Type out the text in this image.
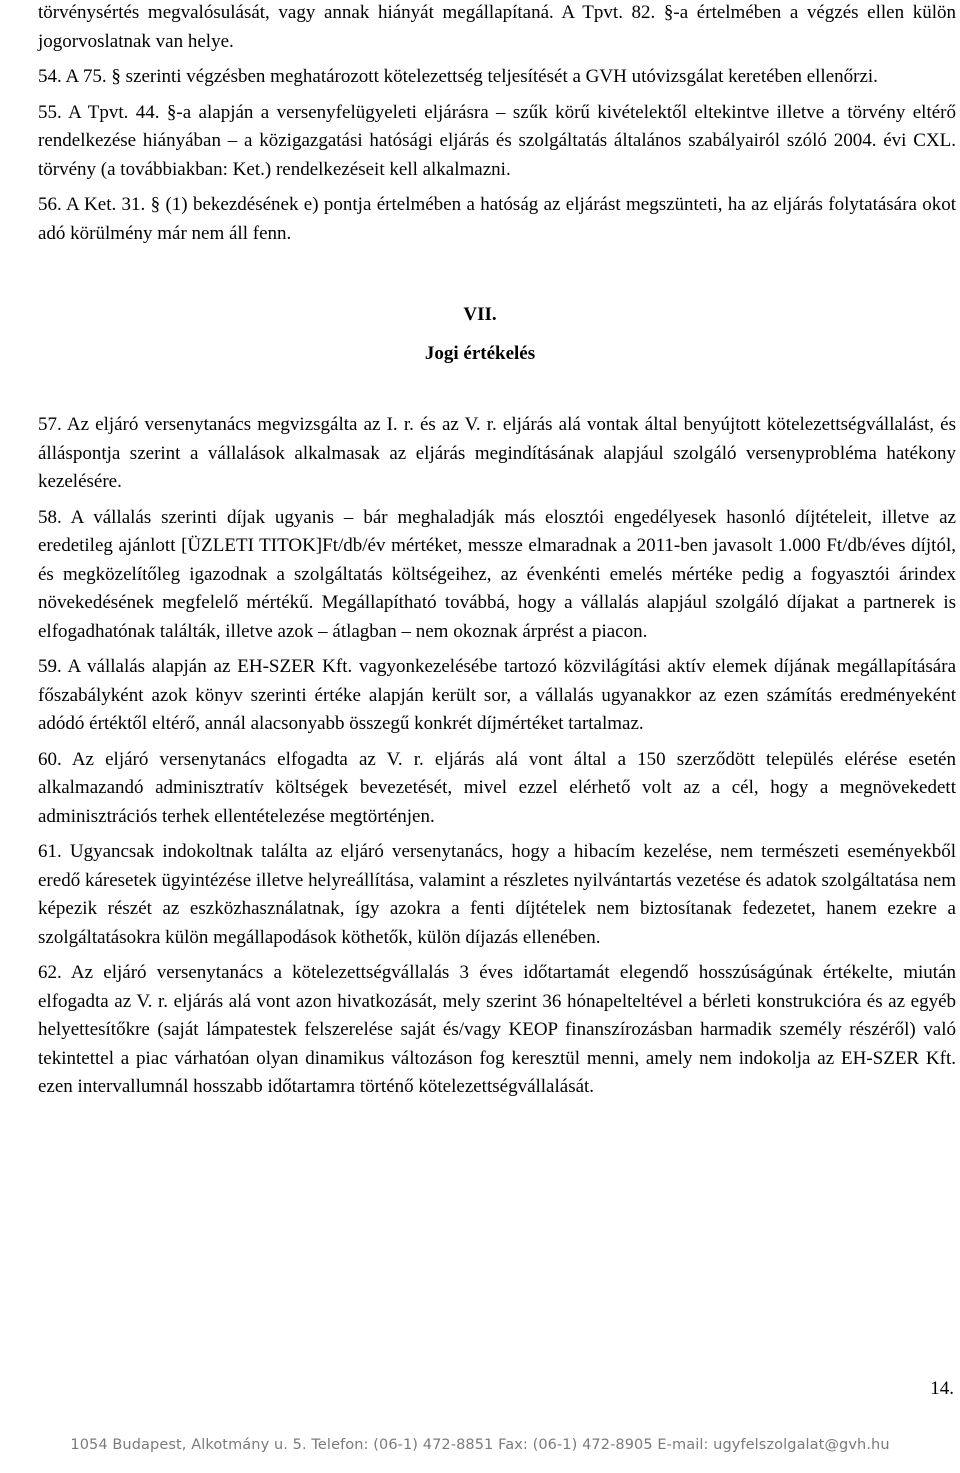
törvénysértés megvalósulását, vagy annak hiányát megállapítaná. A Tpvt. 82. §-a értelmében a végzés ellen külön jogorvoslatnak van helye.

54. A 75. § szerinti végzésben meghatározott kötelezettség teljesítését a GVH utóvizsgálat keretében ellenőrzi.

55. A Tpvt. 44. §-a alapján a versenyfelügyeleti eljárásra – szűk körű kivételektől eltekintve illetve a törvény eltérő rendelkezése hiányában – a közigazgatási hatósági eljárás és szolgáltatás általános szabályairól szóló 2004. évi CXL. törvény (a továbbiakban: Ket.) rendelkezéseit kell alkalmazni.

56. A Ket. 31. § (1) bekezdésének e) pontja értelmében a hatóság az eljárást megszünteti, ha az eljárás folytatására okot adó körülmény már nem áll fenn.

VII.

Jogi értékelés

57. Az eljáró versenytanács megvizsgálta az I. r. és az V. r. eljárás alá vontak által benyújtott kötelezettségvállalást, és álláspontja szerint a vállalások alkalmasak az eljárás megindításának alapjául szolgáló versenyprobléma hatékony kezelésére.
58. A vállalás szerinti díjak ugyanis – bár meghaladják más elosztói engedélyesek hasonló díjtételeit, illetve az eredetileg ajánlott [ÜZLETI TITOK]Ft/db/év mértéket, messze elmaradnak a 2011-ben javasolt 1.000 Ft/db/éves díjtól, és megközelítőleg igazodnak a szolgáltatás költségeihez, az évenkénti emelés mértéke pedig a fogyasztói árindex növekedésének megfelelő mértékű. Megállapítható továbbá, hogy a vállalás alapjául szolgáló díjakat a partnerek is elfogadhatónak találták, illetve azok – átlagban – nem okoznak árprést a piacon.
59. A vállalás alapján az EH-SZER Kft. vagyonkezelésébe tartozó közvilágítási aktív elemek díjának megállapítására főszabályként azok könyv szerinti értéke alapján került sor, a vállalás ugyanakkor az ezen számítás eredményeként adódó értéktől eltérő, annál alacsonyabb összegű konkrét díjmértéket tartalmaz.
60. Az eljáró versenytanács elfogadta az V. r. eljárás alá vont által a 150 szerződött település elérése esetén alkalmazandó adminisztratív költségek bevezetését, mivel ezzel elérhető volt az a cél, hogy a megnövekedett adminisztrációs terhek ellentételezése megtörténjen.
61. Ugyancsak indokoltnak találta az eljáró versenytanács, hogy a hibacím kezelése, nem természeti eseményekből eredő káresetek ügyintézése illetve helyreállítása, valamint a részletes nyilvántartás vezetése és adatok szolgáltatása nem képezik részét az eszközhasználatnak, így azokra a fenti díjtételek nem biztosítanak fedezetet, hanem ezekre a szolgáltatásokra külön megállapodások köthetők, külön díjazás ellenében.
62. Az eljáró versenytanács a kötelezettségvállalás 3 éves időtartamát elegendő hosszúságúnak értékelte, miután elfogadta az V. r. eljárás alá vont azon hivatkozását, mely szerint 36 hónapelteltével a bérleti konstrukcióra és az egyéb helyettesítőkre (saját lámpatestek felszerelése saját és/vagy KEOP finanszírozásban harmadik személy részéről) való tekintettel a piac várhatóan olyan dinamikus változáson fog keresztül menni, amely nem indokolja az EH-SZER Kft. ezen intervallumnál hosszabb időtartamra történő kötelezettségvállalását.
14.
1054 Budapest, Alkotmány u. 5. Telefon: (06-1) 472-8851 Fax: (06-1) 472-8905 E-mail: ugyfelszolgalat@gvh.hu
